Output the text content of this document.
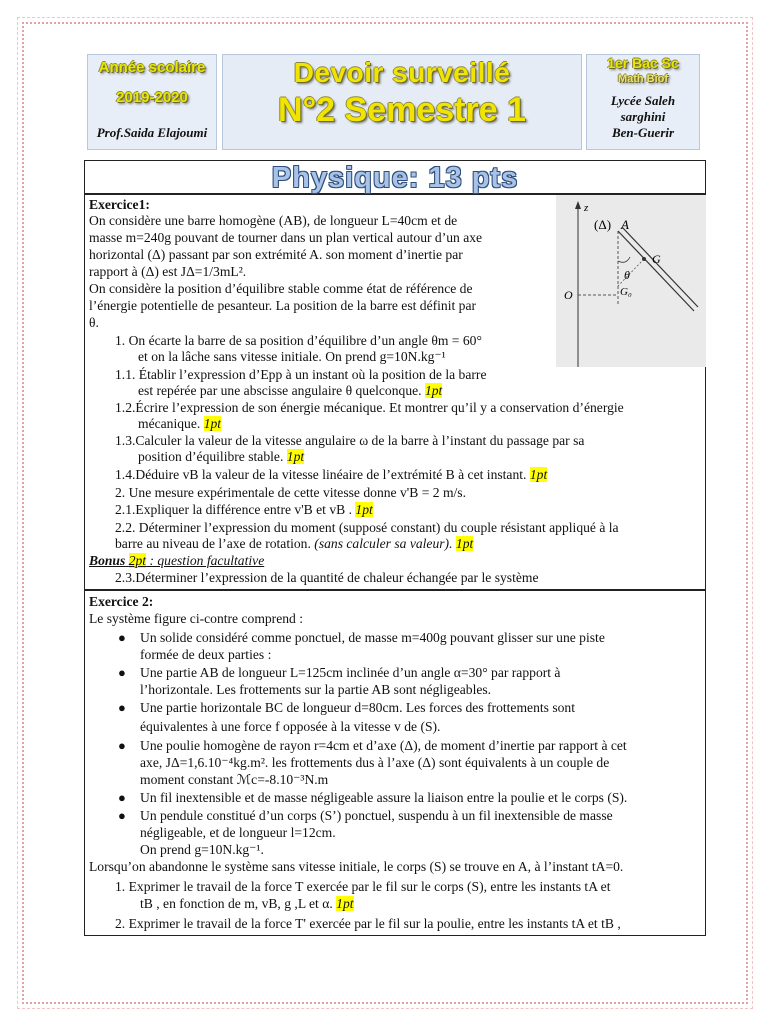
Année scolaire
2019-2020
Prof.Saida Elajoumi
Devoir surveillé
N°2 Semestre 1
1er Bac Sc
Math Biof
Lycée Saleh
sarghini
Ben-Guerir
Physique: 13 pts
Exercice1:
On considère une barre homogène (AB), de longueur L=40cm et de
masse m=240g pouvant de tourner dans un plan vertical autour d’un axe
horizontal (Δ) passant par son extrémité A. son moment d’inertie par
rapport à (Δ) est JΔ=1/3mL².
On considère la position d’équilibre stable comme état de référence de
l’énergie potentielle de pesanteur. La position de la barre est définit par
θ.
1. On écarte la barre de sa position d’équilibre d’un angle θm = 60°
et on la lâche sans vitesse initiale. On prend g=10N.kg⁻¹
1.1. Établir l’expression d’Epp à un instant où la position de la barre
est repérée par une abscisse angulaire θ quelconque. 1pt
1.2.Écrire l’expression de son énergie mécanique. Et montrer qu’il y a conservation d’énergie
mécanique. 1pt
1.3.Calculer la valeur de la vitesse angulaire ω de la barre à l’instant du passage par sa
position d’équilibre stable. 1pt
1.4.Déduire vB la valeur de la vitesse linéaire de l’extrémité B à cet instant. 1pt
2. Une mesure expérimentale de cette vitesse donne v'B = 2 m/s.
2.1.Expliquer la différence entre v'B et vB . 1pt
2.2. Déterminer l’expression du moment (supposé constant) du couple résistant appliqué à la
barre au niveau de l’axe de rotation. (sans calculer sa valeur). 1pt
Bonus 2pt : question facultative
2.3.Déterminer l’expression de la quantité de chaleur échangée par le système
z
(Δ) A
G
θ
O	G₀
Exercice 2:
Le système figure ci-contre comprend :
● Un solide considéré comme ponctuel, de masse m=400g pouvant glisser sur une piste
formée de deux parties :
● Une partie AB de longueur L=125cm inclinée d’un angle α=30° par rapport à
l’horizontale. Les frottements sur la partie AB sont négligeables.
● Une partie horizontale BC de longueur d=80cm. Les forces des frottements sont
équivalentes à une force f opposée à la vitesse v de (S).
● Une poulie homogène de rayon r=4cm et d’axe (Δ), de moment d’inertie par rapport à cet
axe, JΔ=1,6.10⁻⁴kg.m². les frottements dus à l’axe (Δ) sont équivalents à un couple de
moment constant ℳc=-8.10⁻³N.m
● Un fil inextensible et de masse négligeable assure la liaison entre la poulie et le corps (S).
● Un pendule constitué d’un corps (S’) ponctuel, suspendu à un fil inextensible de masse
négligeable, et de longueur l=12cm.
On prend g=10N.kg⁻¹.
Lorsqu’on abandonne le système sans vitesse initiale, le corps (S) se trouve en A, à l’instant tA=0.
1. Exprimer le travail de la force T exercée par le fil sur le corps (S), entre les instants tA et
tB , en fonction de m, vB, g ,L et α. 1pt
2. Exprimer le travail de la force T' exercée par le fil sur la poulie, entre les instants tA et tB ,
